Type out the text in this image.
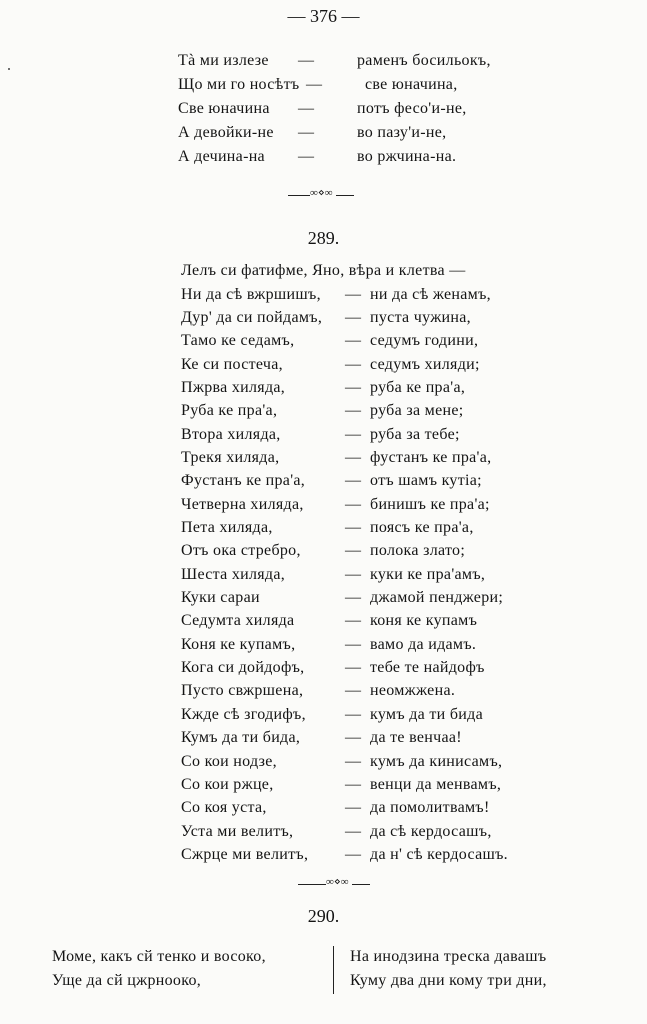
— 376 —
Тà ми излезе —	раменъ босильокъ,
Що ми го носѣтъ —	све юначина,
Све юначина —	потъ фесо'и-не,
А девойки-не —	во пазу'и-не,
А дечина-на —	во ржчина-на.
∞⋄∞
289.
Лелъ си фатифме, Яно, вѣра и клетва —
Ни да сѣ вжршишъ, — ни да сѣ женамъ,
Дур' да си пойдамъ, — пуста чужина,
Тамо ке седамъ,	— седумъ години,
Ке си постеча,	— седумъ хиляди;
Пжрва хиляда,	— руба ке пра'а,
Руба ке пра'а,	— руба за мене;
Втора хиляда,	— руба за тебе;
Трекя хиляда,	— фустанъ ке пра'а,
Фустанъ ке пра'а, — отъ шамъ кутiа;
Четверна хиляда,	— бинишъ ке пра'а;
Пета хиляда,	— поясъ ке пра'а,
Отъ ока стребро,	— полока злато;
Шеста хиляда,	— куки ке пра'амъ,
Куки сараи	— джамой пенджери;
Седумта хиляда	— коня ке купамъ
Коня ке купамъ,	— вамо да идамъ.
Кога си дойдофъ,	— тебе те найдофъ
Пусто свжршена,	— неомжжена.
Кжде сѣ згодифъ, — кумъ да ти бида
Кумъ да ти бида,	— да те венчаа!
Со кои нодзе,	— кумъ да кинисамъ,
Со кои ржце,	— венци да менвамъ,
Со коя уста,	— да помолитвамъ!
Уста ми велитъ,	— да сѣ кердосашъ,
Сжрце ми велитъ, — да н' сѣ кердосашъ.
∞⋄∞
290.
Моме, какъ сй тенко и восоко,
Уще да сй цжрнооко,
На инодзина треска давашъ
Куму два дни кому три дни,
